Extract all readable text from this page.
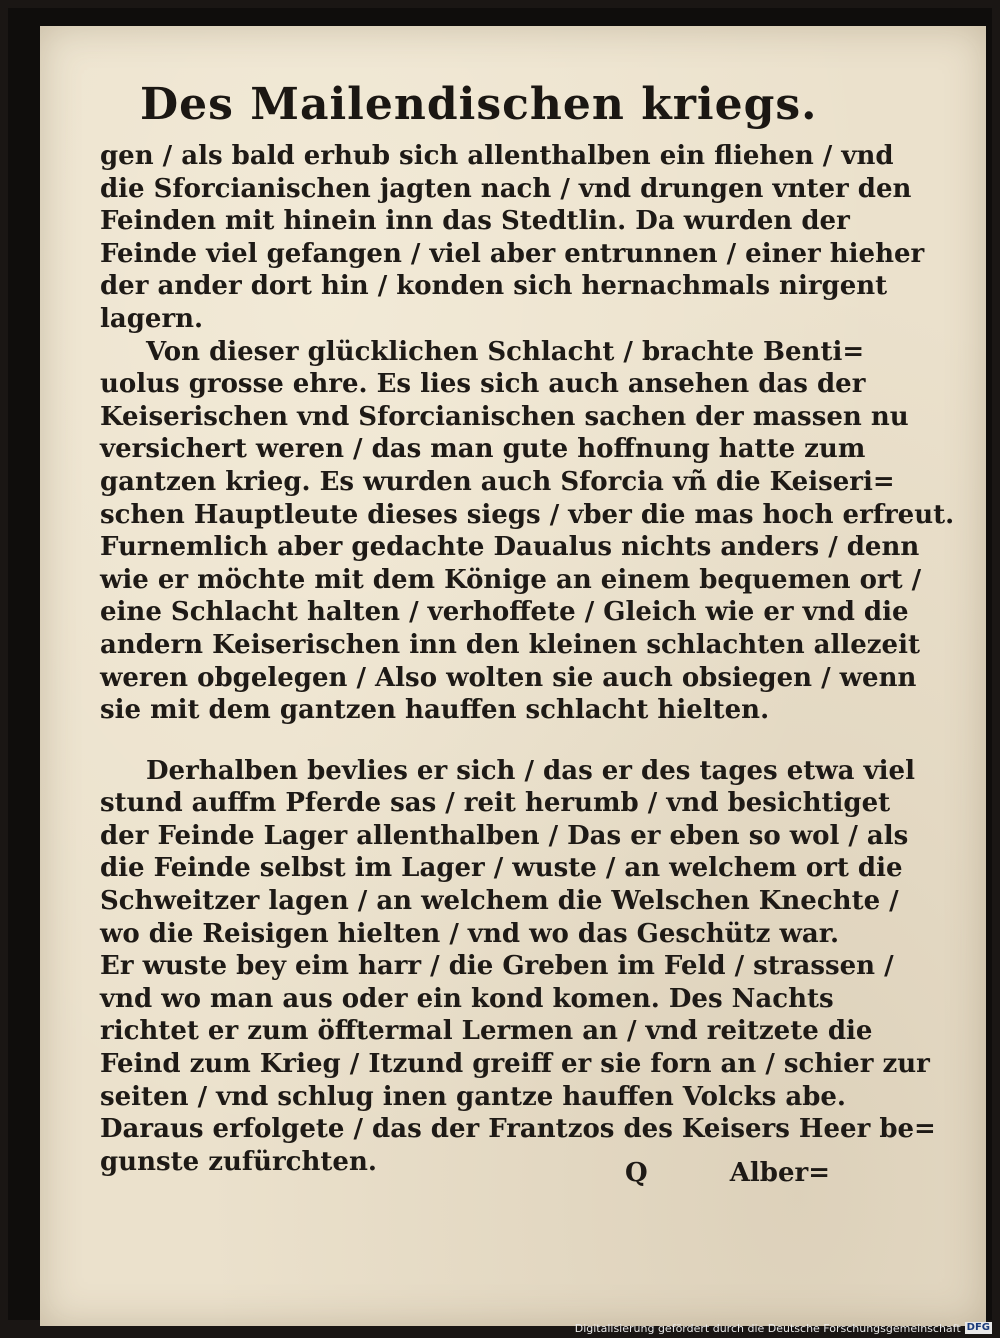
Des Mailendischen kriegs.
gen / als bald erhub sich allenthalben ein fliehen / vnd
die Sforcianischen jagten nach / vnd drungen vnter den
Feinden mit hinein inn das Stedtlin. Da wurden der
Feinde viel gefangen / viel aber entrunnen / einer hieher
der ander dort hin / konden sich hernachmals nirgent
lagern.
Von dieser glücklichen Schlacht / brachte Benti=
uolus grosse ehre. Es lies sich auch ansehen das der
Keiserischen vnd Sforcianischen sachen der massen nu
versichert weren / das man gute hoffnung hatte zum
gantzen krieg. Es wurden auch Sforcia vñ die Keiseri=
schen Hauptleute dieses siegs / vber die mas hoch erfreut.
Furnemlich aber gedachte Daualus nichts anders / denn
wie er möchte mit dem Könige an einem bequemen ort /
eine Schlacht halten / verhoffete / Gleich wie er vnd die
andern Keiserischen inn den kleinen schlachten allezeit
weren obgelegen / Also wolten sie auch obsiegen / wenn
sie mit dem gantzen hauffen schlacht hielten.
Derhalben bevlies er sich / das er des tages etwa viel
stund auffm Pferde sas / reit herumb / vnd besichtiget
der Feinde Lager allenthalben / Das er eben so wol / als
die Feinde selbst im Lager / wuste / an welchem ort die
Schweitzer lagen / an welchem die Welschen Knechte /
wo die Reisigen hielten / vnd wo das Geschütz war.
Er wuste bey eim harr / die Greben im Feld / strassen /
vnd wo man aus oder ein kond komen. Des Nachts
richtet er zum öfftermal Lermen an / vnd reitzete die
Feind zum Krieg / Itzund greiff er sie forn an / schier zur
seiten / vnd schlug inen gantze hauffen Volcks abe.
Daraus erfolgete / das der Frantzos des Keisers Heer be=
gunste zufürchten.	Q	Alber=
Digitalisierung gefördert durch die Deutsche Forschungsgemeinschaft DFG
